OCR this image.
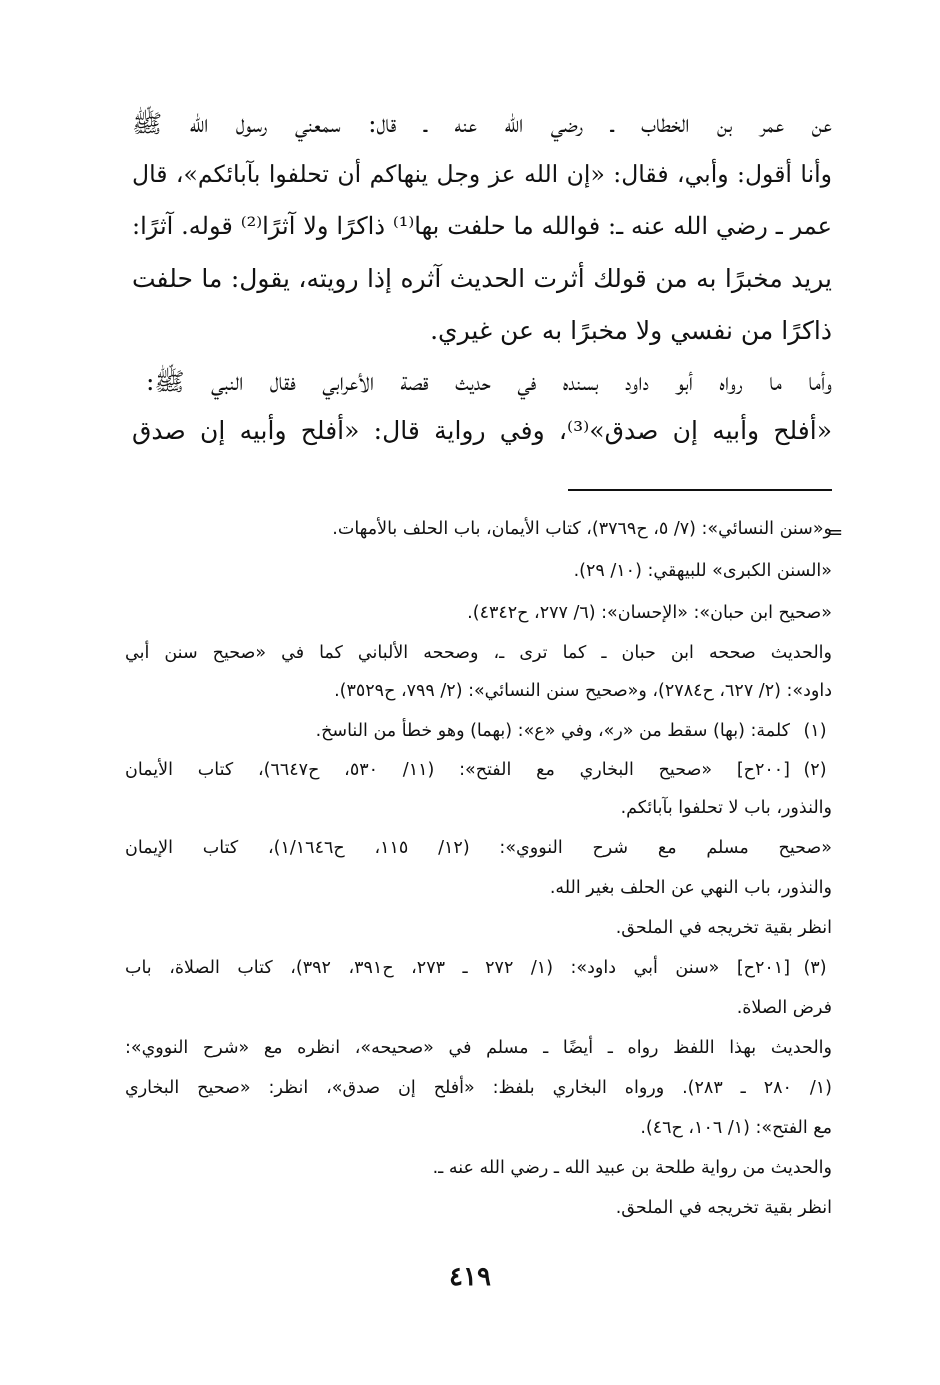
عن عمر بن الخطاب ـ رضي الله عنه ـ قال: سمعني رسول الله ﷺ
وأنا أقول: وأبي، فقال: «إن الله عز وجل ينهاكم أن تحلفوا بآبائكم»، قال
عمر ـ رضي الله عنه ـ: فوالله ما حلفت بها⁽¹⁾ ذاكرًا ولا آثرًا⁽²⁾ قوله. آثرًا:
يريد مخبرًا به من قولك أثرت الحديث آثره إذا رويته، يقول: ما حلفت
ذاكرًا من نفسي ولا مخبرًا به عن غيري.
وأما ما رواه أبو داود بسنده في حديث قصة الأعرابي فقال النبي ﷺ:
«أفلح وأبيه إن صدق»⁽³⁾، وفي رواية قال: «أفلح وأبيه إن صدق
=
و«سنن النسائي»: (٧/ ٥، ح٣٧٦٩)، كتاب الأيمان، باب الحلف بالأمهات.
«السنن الكبرى» للبيهقي: (١٠/ ٢٩).
«صحيح ابن حبان»: «الإحسان»: (٦/ ٢٧٧، ح٤٣٤٢).
والحديث صححه ابن حبان ـ كما ترى ـ، وصححه الألباني كما في «صحيح سنن أبي
داود»: (٢/ ٦٢٧، ح٢٧٨٤)، و«صحيح سنن النسائي»: (٢/ ٧٩٩، ح٣٥٢٩).
(١)
كلمة: (بها) سقط من «ر»، وفي «ع»: (بهما) وهو خطأ من الناسخ.
(٢)
[٢٠٠ح] «صحيح البخاري مع الفتح»: (١١/ ٥٣٠، ح٦٦٤٧)، كتاب الأيمان
والنذور، باب لا تحلفوا بآبائكم.
«صحيح مسلم مع شرح النووي»: (١٢/ ١١٥، ح١/١٦٤٦)، كتاب الإيمان
والنذور، باب النهي عن الحلف بغير الله.
انظر بقية تخريجه في الملحق.
(٣)
[٢٠١ح] «سنن أبي داود»: (١/ ٢٧٢ ـ ٢٧٣، ح٣٩١، ٣٩٢)، كتاب الصلاة، باب
فرض الصلاة.
والحديث بهذا اللفظ رواه ـ أيضًا ـ مسلم في «صحيحه»، انظره مع «شرح النووي»:
(١/ ٢٨٠ ـ ٢٨٣). ورواه البخاري بلفظ: «أفلح إن صدق»، انظر: «صحيح البخاري
مع الفتح»: (١/ ١٠٦، ح٤٦).
والحديث من رواية طلحة بن عبيد الله ـ رضي الله عنه ـ.
انظر بقية تخريجه في الملحق.
٤١٩
